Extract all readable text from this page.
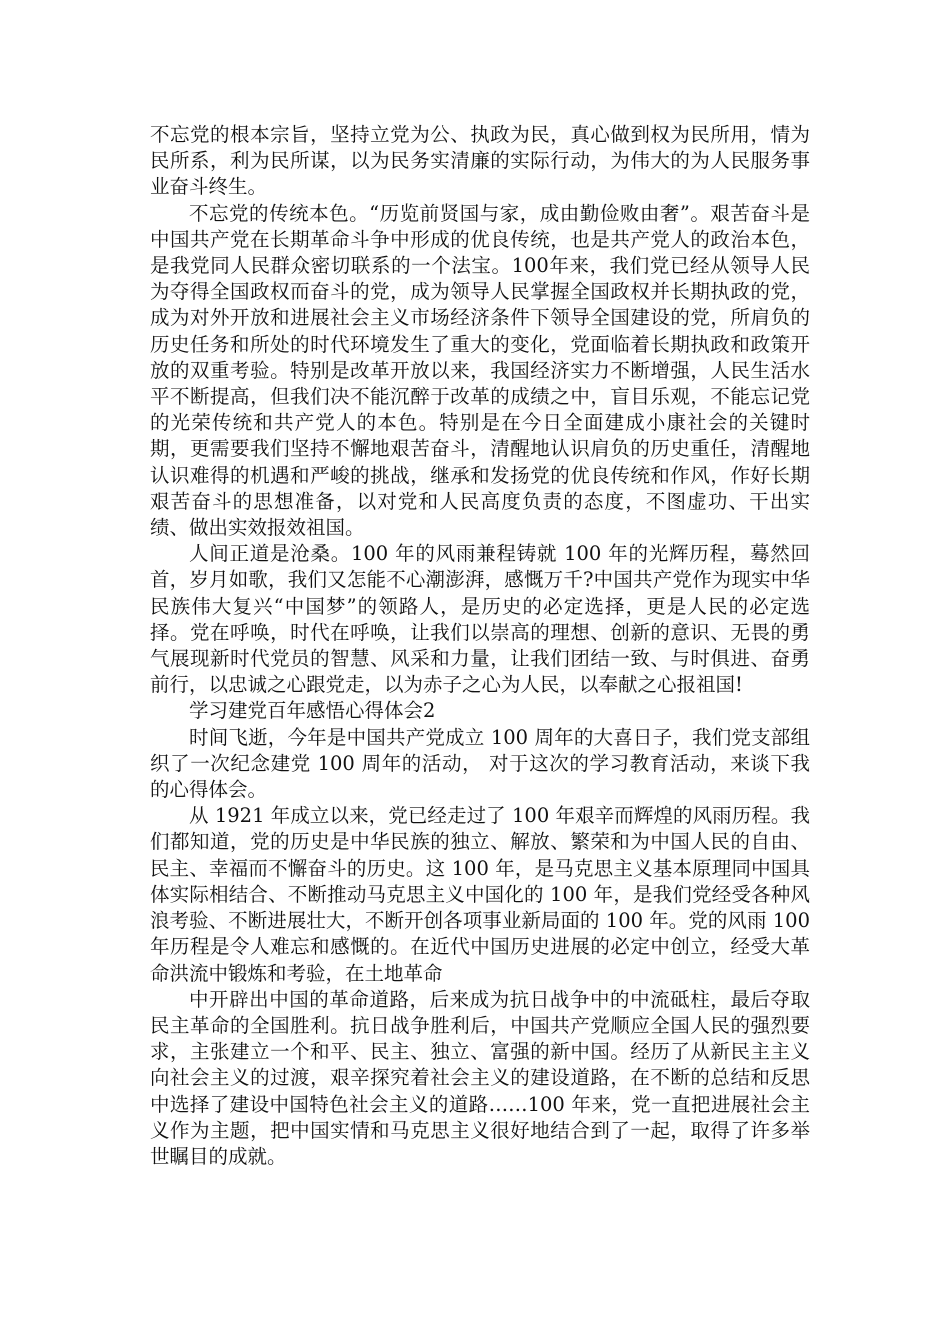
不忘党的根本宗旨，坚持立党为公、执政为民，真心做到权为民所用，情为民所系，利为民所谋，以为民务实清廉的实际行动，为伟大的为人民服务事业奋斗终生。

不忘党的传统本色。“历览前贤国与家，成由勤俭败由奢”。艰苦奋斗是中国共产党在长期革命斗争中形成的优良传统，也是共产党人的政治本色，是我党同人民群众密切联系的一个法宝。100年来，我们党已经从领导人民为夺得全国政权而奋斗的党，成为领导人民掌握全国政权并长期执政的党，成为对外开放和进展社会主义市场经济条件下领导全国建设的党，所肩负的历史任务和所处的时代环境发生了重大的变化，党面临着长期执政和政策开放的双重考验。特别是改革开放以来，我国经济实力不断增强，人民生活水平不断提高，但我们决不能沉醉于改革的成绩之中，盲目乐观，不能忘记党的光荣传统和共产党人的本色。特别是在今日全面建成小康社会的关键时期，更需要我们坚持不懈地艰苦奋斗，清醒地认识肩负的历史重任，清醒地认识难得的机遇和严峻的挑战，继承和发扬党的优良传统和作风，作好长期艰苦奋斗的思想准备，以对党和人民高度负责的态度，不图虚功、干出实绩、做出实效报效祖国。

人间正道是沧桑。100 年的风雨兼程铸就 100 年的光辉历程，蓦然回首，岁月如歌，我们又怎能不心潮澎湃，感慨万千?中国共产党作为现实中华民族伟大复兴“中国梦”的领路人，是历史的必定选择，更是人民的必定选择。党在呼唤，时代在呼唤，让我们以崇高的理想、创新的意识、无畏的勇气展现新时代党员的智慧、风采和力量，让我们团结一致、与时俱进、奋勇前行，以忠诚之心跟党走，以为赤子之心为人民，以奉献之心报祖国!

学习建党百年感悟心得体会2

时间飞逝，今年是中国共产党成立 100 周年的大喜日子，我们党支部组织了一次纪念建党 100 周年的活动， 对于这次的学习教育活动，来谈下我的心得体会。

从 1921 年成立以来，党已经走过了 100 年艰辛而辉煌的风雨历程。我们都知道，党的历史是中华民族的独立、解放、繁荣和为中国人民的自由、民主、幸福而不懈奋斗的历史。这 100 年，是马克思主义基本原理同中国具体实际相结合、不断推动马克思主义中国化的 100 年，是我们党经受各种风浪考验、不断进展壮大，不断开创各项事业新局面的 100 年。党的风雨 100 年历程是令人难忘和感慨的。在近代中国历史进展的必定中创立，经受大革命洪流中锻炼和考验，在土地革命

中开辟出中国的革命道路，后来成为抗日战争中的中流砥柱，最后夺取民主革命的全国胜利。抗日战争胜利后，中国共产党顺应全国人民的强烈要求，主张建立一个和平、民主、独立、富强的新中国。经历了从新民主主义向社会主义的过渡，艰辛探究着社会主义的建设道路，在不断的总结和反思中选择了建设中国特色社会主义的道路……100 年来，党一直把进展社会主义作为主题，把中国实情和马克思主义很好地结合到了一起，取得了许多举世瞩目的成就。
